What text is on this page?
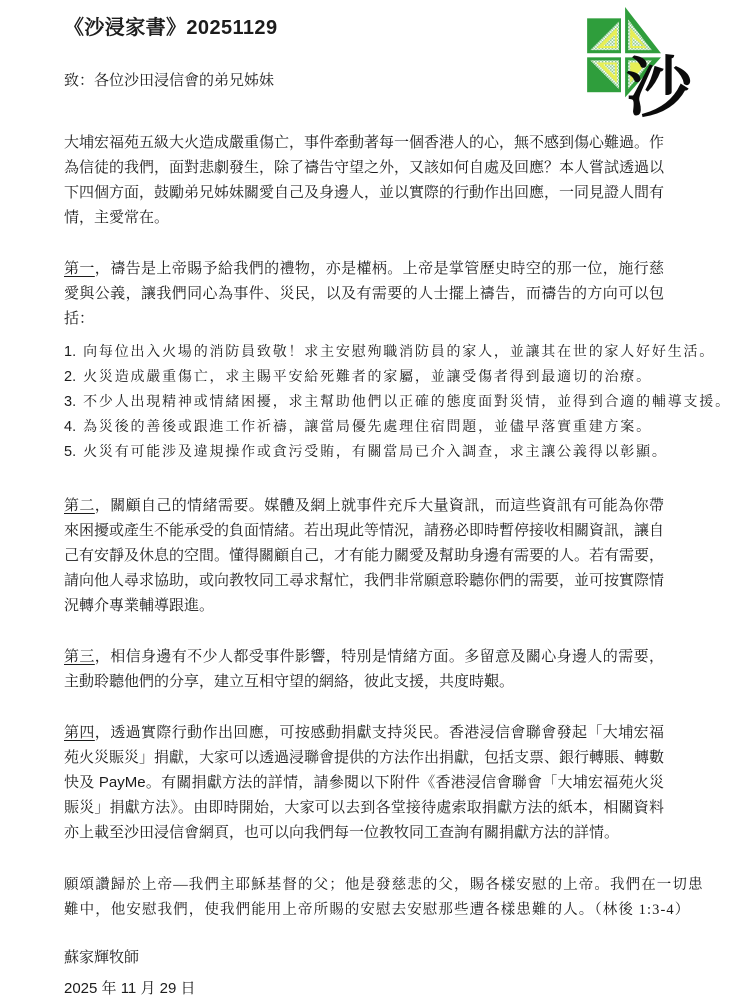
沙
《沙浸家書》20251129
致：各位沙田浸信會的弟兄姊妹

大埔宏福苑五級大火造成嚴重傷亡，事件牽動著每一個香港人的心，無不感到傷心難過。作為信徒的我們，面對悲劇發生，除了禱告守望之外，又該如何自處及回應？本人嘗試透過以下四個方面，鼓勵弟兄姊妹關愛自己及身邊人，並以實際的行動作出回應，一同見證人間有情，主愛常在。

第一，禱告是上帝賜予給我們的禮物，亦是權柄。上帝是掌管歷史時空的那一位，施行慈愛與公義，讓我們同心為事件、災民，以及有需要的人士擺上禱告，而禱告的方向可以包括：

1. 向每位出入火場的消防員致敬！求主安慰殉職消防員的家人，並讓其在世的家人好好生活。
2. 火災造成嚴重傷亡，求主賜平安給死難者的家屬，並讓受傷者得到最適切的治療。
3. 不少人出現精神或情緒困擾，求主幫助他們以正確的態度面對災情，並得到合適的輔導支援。
4. 為災後的善後或跟進工作祈禱，讓當局優先處理住宿問題，並儘早落實重建方案。
5. 火災有可能涉及違規操作或貪污受賄，有關當局已介入調查，求主讓公義得以彰顯。

第二，關顧自己的情緒需要。媒體及網上就事件充斥大量資訊，而這些資訊有可能為你帶來困擾或產生不能承受的負面情緒。若出現此等情況，請務必即時暫停接收相關資訊，讓自己有安靜及休息的空間。懂得關顧自己，才有能力關愛及幫助身邊有需要的人。若有需要，請向他人尋求協助，或向教牧同工尋求幫忙，我們非常願意聆聽你們的需要，並可按實際情況轉介專業輔導跟進。

第三，相信身邊有不少人都受事件影響，特別是情緒方面。多留意及關心身邊人的需要，主動聆聽他們的分享，建立互相守望的網絡，彼此支援，共度時艱。

第四，透過實際行動作出回應，可按感動捐獻支持災民。香港浸信會聯會發起「大埔宏福苑火災賑災」捐獻，大家可以透過浸聯會提供的方法作出捐獻，包括支票、銀行轉賬、轉數快及 PayMe。有關捐獻方法的詳情，請參閱以下附件《香港浸信會聯會「大埔宏福苑火災賑災」捐獻方法》。由即時開始，大家可以去到各堂接待處索取捐獻方法的紙本，相關資料亦上載至沙田浸信會網頁，也可以向我們每一位教牧同工查詢有關捐獻方法的詳情。

願頌讚歸於上帝—我們主耶穌基督的父；他是發慈悲的父，賜各樣安慰的上帝。我們在一切患難中，他安慰我們，使我們能用上帝所賜的安慰去安慰那些遭各樣患難的人。（林後 1:3-4）

蘇家輝牧師
2025 年 11 月 29 日
